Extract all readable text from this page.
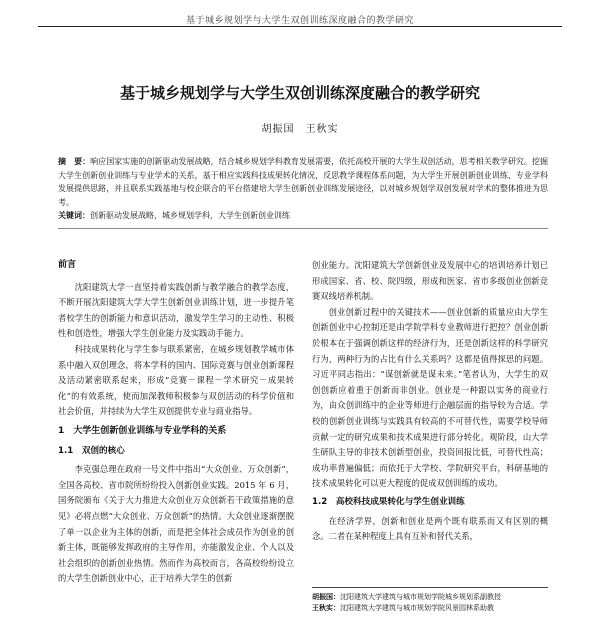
基于城乡规划学与大学生双创训练深度融合的教学研究
基于城乡规划学与大学生双创训练深度融合的教学研究
胡振国　王秋实
摘　要：响应国家实施的创新驱动发展战略，结合城乡规划学科教育发展需要，依托高校开展的大学生双创活动，思考相关教学研究。挖掘大学生创新创业训练与专业学术的关系，基于相应实践科技成果转化情况，反思教学课程体系问题，为大学生开展创新创业训练、专业学科发展提供思路，并且联系实践基地与校企联合的平台搭建培大学生创新创业训练发展途径，以对城乡规划学双创发展对学术的整体推进为思考。
关键词：创新驱动发展战略，城乡规划学科，大学生创新创业训练
前言

沈阳建筑大学一直坚持着实践创新与教学融合的教学态度，不断开展沈阳建筑大学大学生创新创业训练计划，进一步提升笔者校学生的创新能力和意识活动，激发学生学习的主动性、积极性和创造性，增强大学生创业能力及实践动手能力。

科技成果转化与学生参与联系紧密，在城乡规划教学城市体系中融入双创理念，将本学科的国内、国际竞赛与创业创新课程及活动紧密联系起来，形成“竞赛－课程－学术研究－成果转化”的有效系统，使而加深教师积极参与双创活动的科学价值和社会价值，并持续为大学生双创提供专业与商业指导。

1　大学生创新创业训练与专业学科的关系
1.1　双创的核心

李克强总理在政府一号文件中指出“大众创业、万众创新”，全国各高校、省市院所纷纷投入创新创业实践。2015 年 6 月，国务院颁布《关于大力推进大众创业万众创新若干政策措施的意见》必将点燃“大众创业、万众创新”的热情。大众创业逐渐摆脱了单一以企业为主体的创新，而是把全体社会成员作为创业的创新主体，既能够发挥政府的主导作用，亦能激发企业、个人以及社会组织的创新创业热情。然而作为高校而言，各高校纷纷设立的大学生创新创业中心，正于培养大学生的创新

创业能力。沈阳建筑大学创新创业及发展中心的培训培养计划已形成国家、省、校、院四级，形成和医家、省市多级创业创新竞赛双线培养机制。

创业创新过程中的关键技术——创业创新的质量应由大学生创新创业中心控制还是由学院学科专业教师进行把控？创业创新於根本在于强调创新这样的经济行为，还是创新这样的科学研究行为，两种行为的占比有什么关系吗？这都是值得探思的问题。习近平同志指出：“谋创新就是谋未来。”笔者认为，大学生的双创创新应着重于创新而非创业。创业是一种跟以实务的商业行为，由众创训练中的企业等师进行企融层面的指导较为合适。学校的创新创业训练与实践具有较高的不可替代性，需要学校导师贡献一定的研究成果和技术成果进行部分转化。观阶段，山大学生研队主导的非技术创新型创业，投资回报比低，可替代性高；成功率普遍偏低；而依托于大学校、学院研究平台，科研基地的技术成果转化可以更大程度的促成双创训练的成功。

1.2　高校科技成果转化与学生创业训练

在经济学界，创新和创业是两个既有联系而又有区别的概念。二者在某种程度上具有互补和替代关系，

胡振国：沈阳建筑大学建筑与城市规划学院城乡规划系副教授
王秋实：沈阳建筑大学建筑与城市规划学院风景园林系助教
